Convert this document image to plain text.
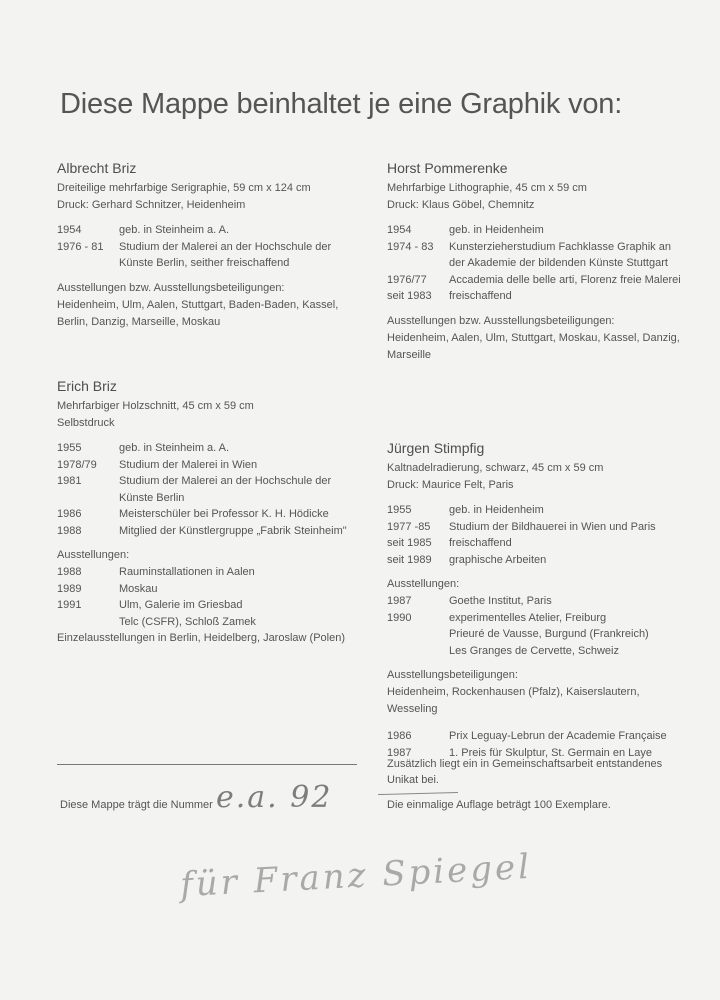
Diese Mappe beinhaltet je eine Graphik von:
Albrecht Briz
Dreiteilige mehrfarbige Serigraphie, 59 cm x 124 cm
Druck: Gerhard Schnitzer, Heidenheim
1954	geb. in Steinheim a. A.
1976 - 81	Studium der Malerei an der Hochschule der Künste Berlin, seither freischaffend
Ausstellungen bzw. Ausstellungsbeteiligungen:
Heidenheim, Ulm, Aalen, Stuttgart, Baden-Baden, Kassel, Berlin, Danzig, Marseille, Moskau
Erich Briz
Mehrfarbiger Holzschnitt, 45 cm x 59 cm
Selbstdruck
1955	geb. in Steinheim a. A.
1978/79	Studium der Malerei in Wien
1981	Studium der Malerei an der Hochschule der Künste Berlin
1986	Meisterschüler bei Professor K. H. Hödicke
1988	Mitglied der Künstlergruppe „Fabrik Steinheim"
Ausstellungen:
1988	Rauminstallationen in Aalen
1989	Moskau
1991	Ulm, Galerie im Griesbad
Telc (CSFR), Schloß Zamek
Einzelausstellungen in Berlin, Heidelberg, Jaroslaw (Polen)
Horst Pommerenke
Mehrfarbige Lithographie, 45 cm x 59 cm
Druck: Klaus Göbel, Chemnitz
1954	geb. in Heidenheim
1974 - 83	Kunsterzieherstudium Fachklasse Graphik an der Akademie der bildenden Künste Stuttgart
1976/77	Accademia delle belle arti, Florenz freie Malerei
seit 1983	freischaffend
Ausstellungen bzw. Ausstellungsbeteiligungen:
Heidenheim, Aalen, Ulm, Stuttgart, Moskau, Kassel, Danzig, Marseille
Jürgen Stimpfig
Kaltnadelradierung, schwarz, 45 cm x 59 cm
Druck: Maurice Felt, Paris
1955	geb. in Heidenheim
1977 -85	Studium der Bildhauerei in Wien und Paris
seit 1985	freischaffend
seit 1989	graphische Arbeiten
Ausstellungen:
1987	Goethe Institut, Paris
1990	experimentelles Atelier, Freiburg
Prieuré de Vausse, Burgund (Frankreich)
Les Granges de Cervette, Schweiz
Ausstellungsbeteiligungen:
Heidenheim, Rockenhausen (Pfalz), Kaiserslautern, Wesseling
1986	Prix Leguay-Lebrun der Academie Française
1987	1. Preis für Skulptur, St. Germain en Laye
Diese Mappe trägt die Nummer e.a. 92
Zusätzlich liegt ein in Gemeinschaftsarbeit entstandenes Unikat bei.
Die einmalige Auflage beträgt 100 Exemplare.
für Franz Spiegel
